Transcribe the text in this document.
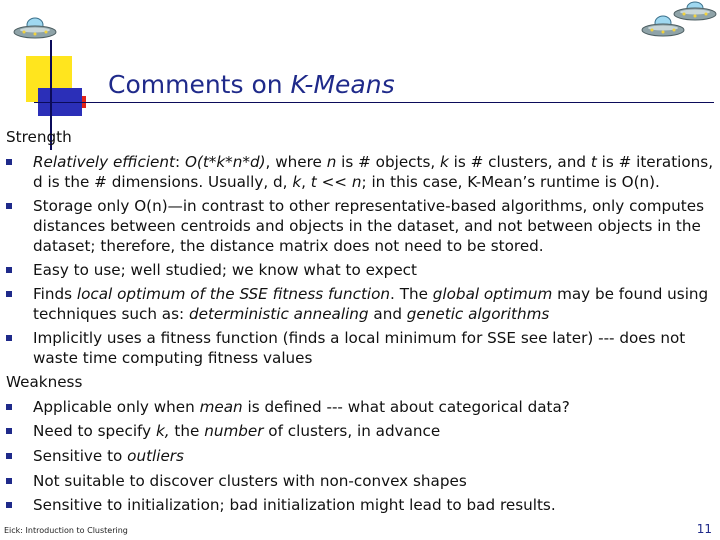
Comments on K-Means
Strength
Relatively efficient: O(t*k*n*d), where n is # objects, k is # clusters, and t is # iterations, d is the # dimensions. Usually, d, k, t << n; in this case, K-Mean’s runtime is O(n).
Storage only O(n)—in contrast to other representative-based algorithms, only computes distances between centroids and objects in the dataset, and not between objects in the dataset; therefore, the distance matrix does not need to be stored.
Easy to use; well studied; we know what to expect
Finds local optimum of the SSE fitness function. The global optimum may be found using techniques such as: deterministic annealing and genetic algorithms
Implicitly uses a fitness function (finds a local minimum for SSE see later) --- does not waste time computing fitness values
Weakness
Applicable only when mean is defined --- what about categorical data?
Need to specify k, the number of clusters, in advance
Sensitive to outliers
Not suitable to discover clusters with non-convex shapes
Sensitive to initialization; bad initialization might lead to bad results.
Eick: Introduction to Clustering	11
